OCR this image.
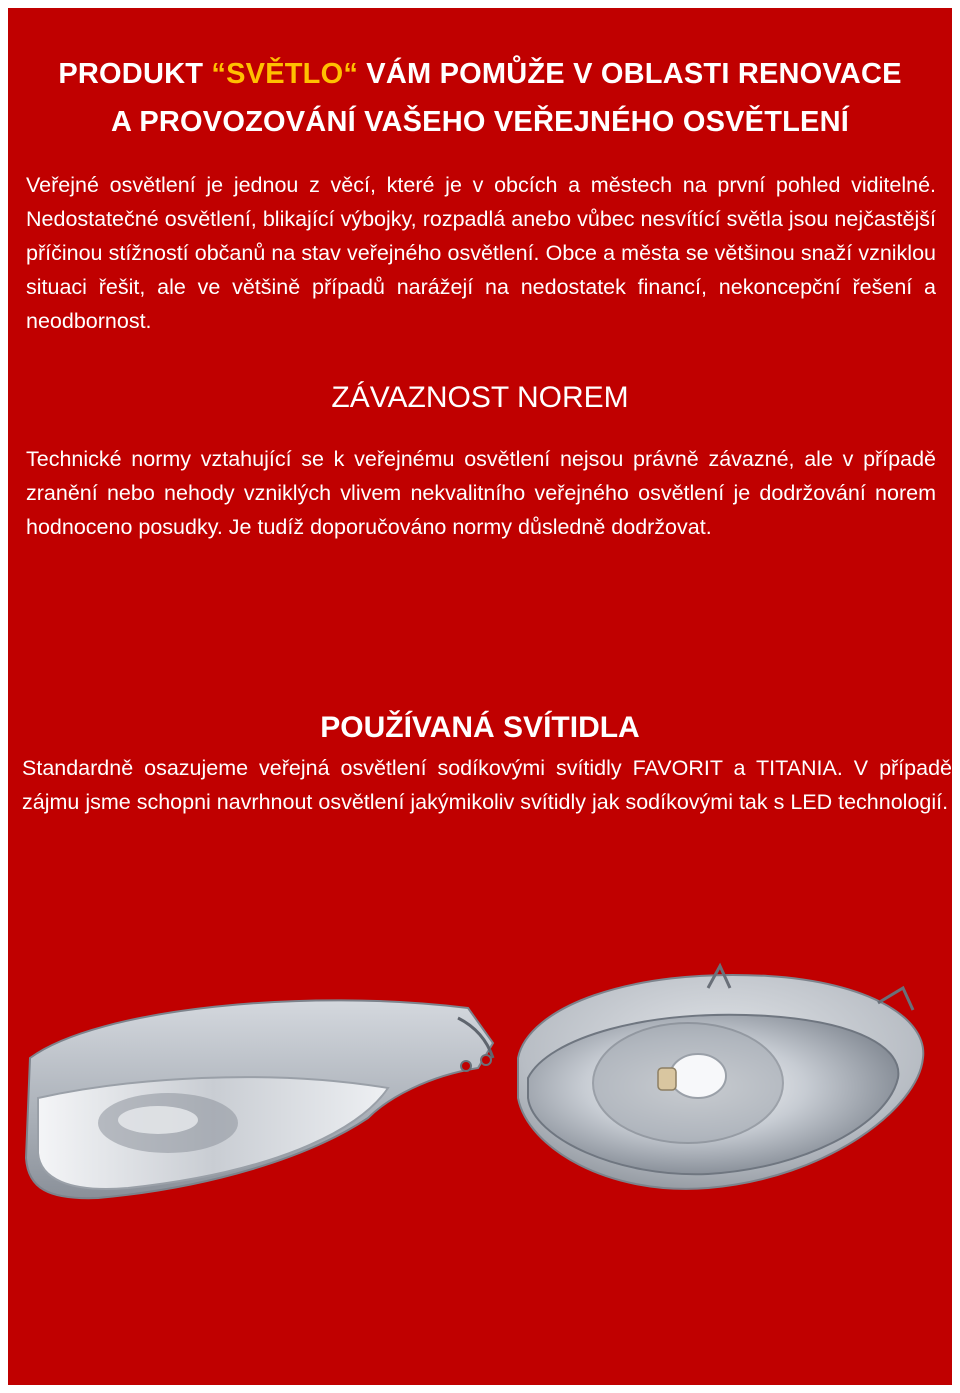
PRODUKT “SVĚTLO“ VÁM POMŮŽE V OBLASTI RENOVACE
A PROVOZOVÁNÍ VAŠEHO VEŘEJNÉHO OSVĚTLENÍ
Veřejné osvětlení je jednou z věcí, které je v obcích a městech na první pohled viditelné. Nedostatečné osvětlení, blikající výbojky, rozpadlá anebo vůbec nesvítící světla jsou nejčastější příčinou stížností občanů na stav veřejného osvětlení. Obce a města se většinou snaží vzniklou situaci řešit, ale ve většině případů narážejí na nedostatek financí, nekoncepční řešení a neodbornost.
ZÁVAZNOST NOREM
Technické normy vztahující se k veřejnému osvětlení nejsou právně závazné, ale v případě zranění nebo nehody vzniklých vlivem nekvalitního veřejného osvětlení je dodržování norem hodnoceno posudky. Je tudíž doporučováno normy důsledně dodržovat.
POUŽÍVANÁ SVÍTIDLA
Standardně osazujeme veřejná osvětlení sodíkovými svítidly FAVORIT a TITANIA. V případě zájmu jsme schopni navrhnout osvětlení jakýmikoliv svítidly jak sodíkovými tak s LED technologií.
